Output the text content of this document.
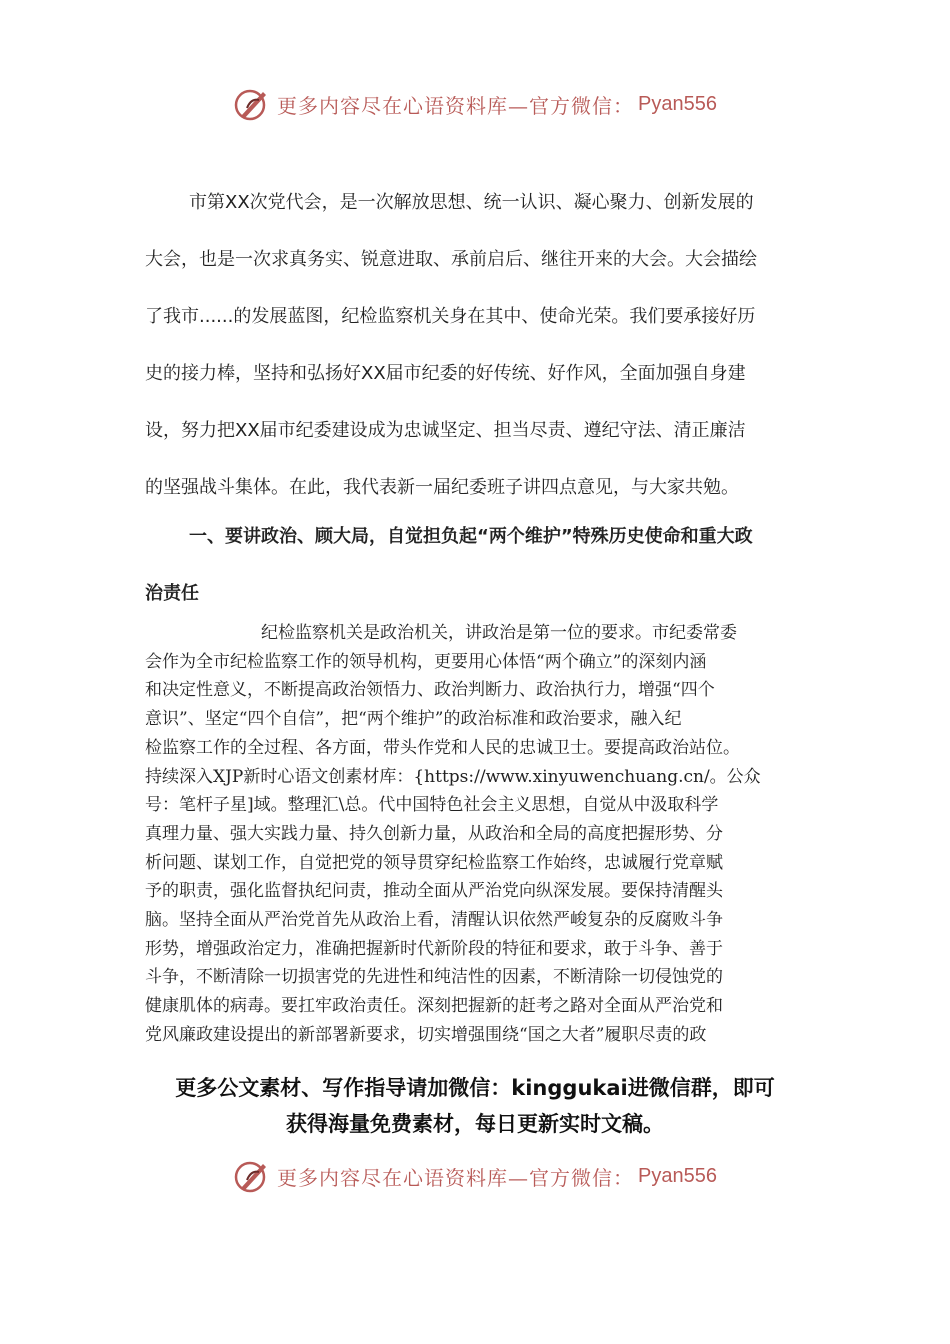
更多内容尽在心语资料库—官方微信： Pyan556
市第XX次党代会，是一次解放思想、统一认识、凝心聚力、创新发展的
大会，也是一次求真务实、锐意进取、承前启后、继往开来的大会。大会描绘
了我市......的发展蓝图，纪检监察机关身在其中、使命光荣。我们要承接好历
史的接力棒，坚持和弘扬好XX届市纪委的好传统、好作风，全面加强自身建
设，努力把XX届市纪委建设成为忠诚坚定、担当尽责、遵纪守法、清正廉洁
的坚强战斗集体。在此，我代表新一届纪委班子讲四点意见，与大家共勉。
一、要讲政治、顾大局，自觉担负起“两个维护”特殊历史使命和重大政
治责任
纪检监察机关是政治机关，讲政治是第一位的要求。市纪委常委
会作为全市纪检监察工作的领导机构，更要用心体悟“两个确立”的深刻内涵
和决定性意义，不断提高政治领悟力、政治判断力、政治执行力，增强“四个
意识”、坚定“四个自信”，把“两个维护”的政治标准和政治要求，融入纪
检监察工作的全过程、各方面，带头作党和人民的忠诚卫士。要提高政治站位。
持续深入XJP新时心语文创素材库：{https://www.xinyuwenchuang.cn/。公众
号：笔杆子星]域。整理汇\总。代中国特色社会主义思想，自觉从中汲取科学
真理力量、强大实践力量、持久创新力量，从政治和全局的高度把握形势、分
析问题、谋划工作，自觉把党的领导贯穿纪检监察工作始终，忠诚履行党章赋
予的职责，强化监督执纪问责，推动全面从严治党向纵深发展。要保持清醒头
脑。坚持全面从严治党首先从政治上看，清醒认识依然严峻复杂的反腐败斗争
形势，增强政治定力，准确把握新时代新阶段的特征和要求，敢于斗争、善于
斗争，不断清除一切损害党的先进性和纯洁性的因素，不断清除一切侵蚀党的
健康肌体的病毒。要扛牢政治责任。深刻把握新的赶考之路对全面从严治党和
党风廉政建设提出的新部署新要求，切实增强围绕“国之大者”履职尽责的政
更多公文素材、写作指导请加微信：kinggukai进微信群，即可
获得海量免费素材，每日更新实时文稿。
更多内容尽在心语资料库—官方微信： Pyan556
